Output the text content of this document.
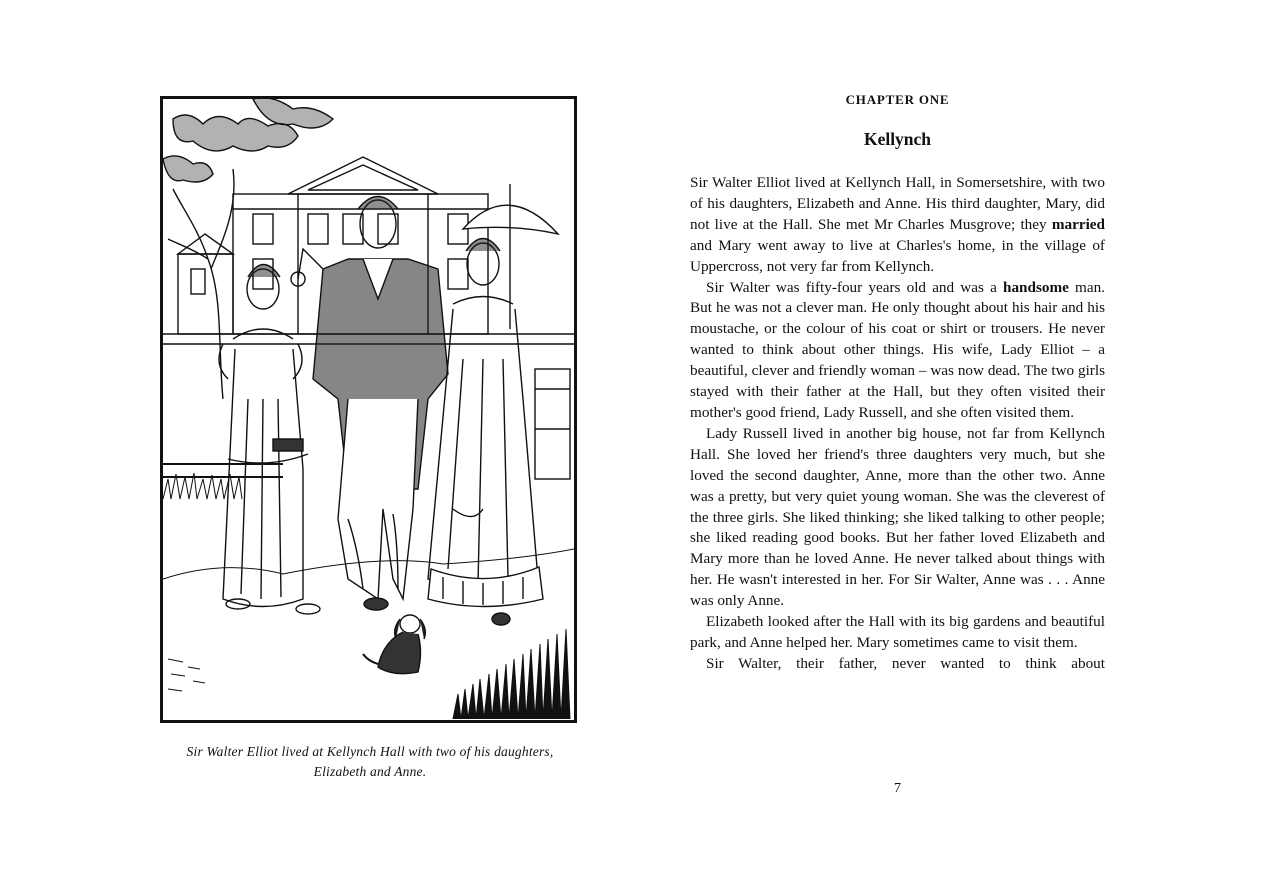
Sir Walter Elliot lived at Kellynch Hall with two of his daughters,
Elizabeth and Anne.
CHAPTER ONE
Kellynch

Sir Walter Elliot lived at Kellynch Hall, in Somersetshire, with two of his daughters, Elizabeth and Anne. His third daughter, Mary, did not live at the Hall. She met Mr Charles Musgrove; they married and Mary went away to live at Charles's home, in the village of Uppercross, not very far from Kellynch.

Sir Walter was fifty-four years old and was a handsome man. But he was not a clever man. He only thought about his hair and his moustache, or the colour of his coat or shirt or trousers. He never wanted to think about other things. His wife, Lady Elliot – a beautiful, clever and friendly woman – was now dead. The two girls stayed with their father at the Hall, but they often visited their mother's good friend, Lady Russell, and she often visited them.

Lady Russell lived in another big house, not far from Kellynch Hall. She loved her friend's three daughters very much, but she loved the second daughter, Anne, more than the other two. Anne was a pretty, but very quiet young woman. She was the cleverest of the three girls. She liked thinking; she liked talking to other people; she liked reading good books. But her father loved Elizabeth and Mary more than he loved Anne. He never talked about things with her. He wasn't interested in her. For Sir Walter, Anne was . . . Anne was only Anne.

Elizabeth looked after the Hall with its big gardens and beautiful park, and Anne helped her. Mary sometimes came to visit them.

Sir Walter, their father, never wanted to think about

7
